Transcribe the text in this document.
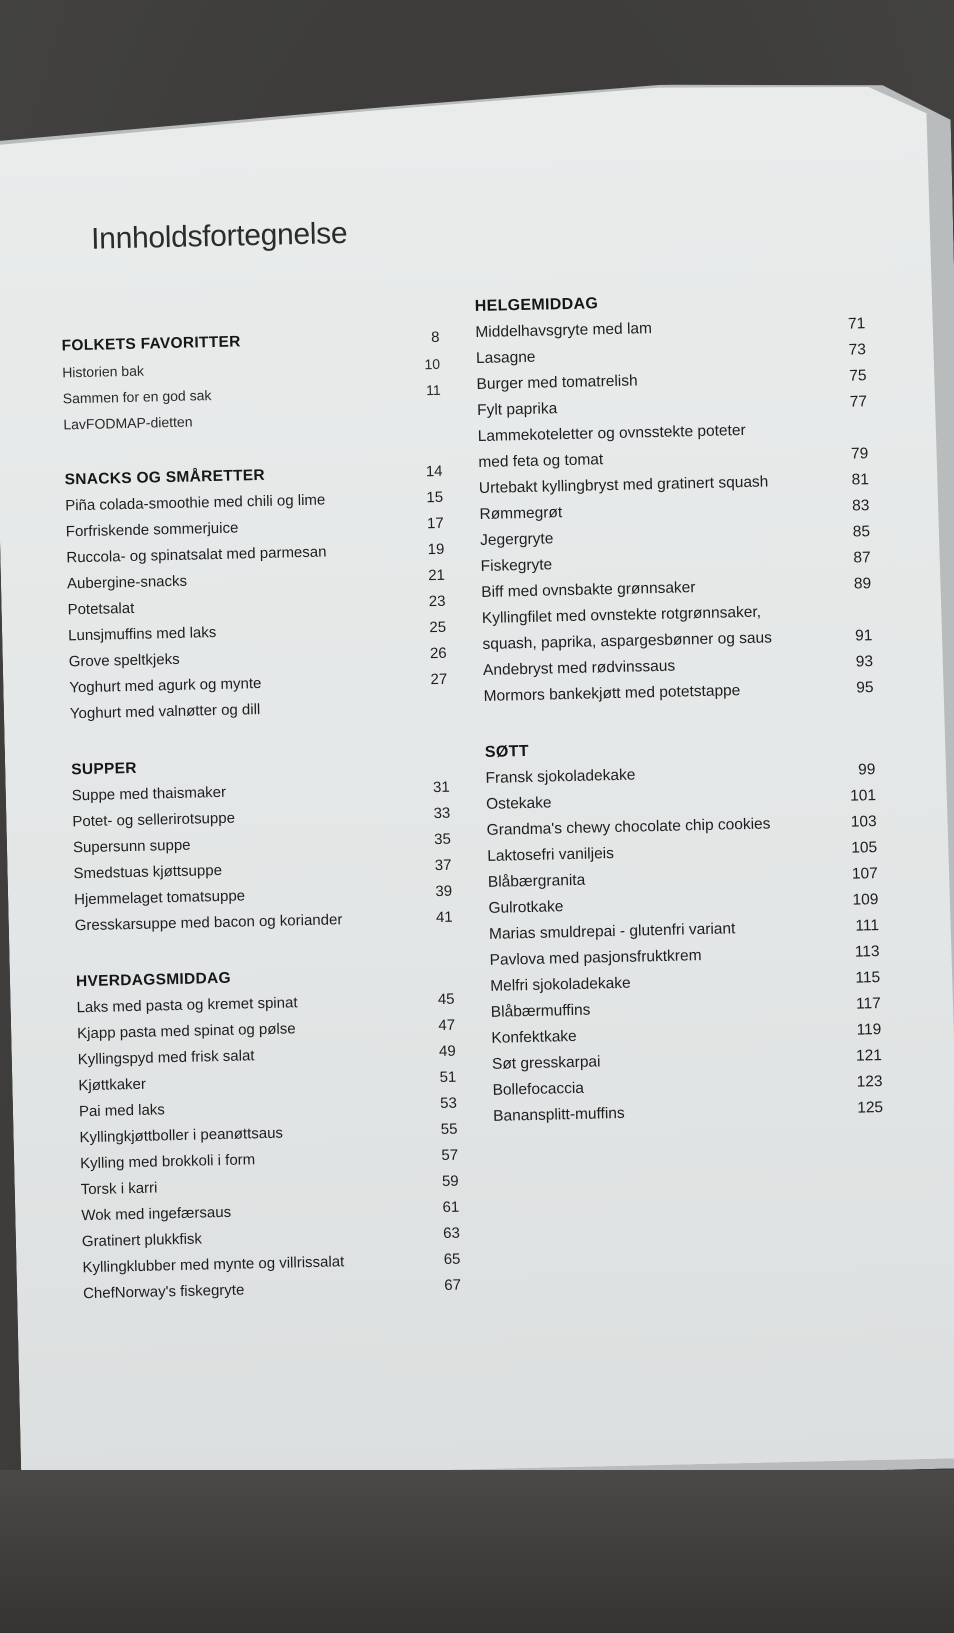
Innholdsfortegnelse
FOLKETS FAVORITTER	8
Historien bak	10
Sammen for en god sak	11
LavFODMAP-dietten
SNACKS OG SMÅRETTER	14
Piña colada-smoothie med chili og lime	15
Forfriskende sommerjuice	17
Ruccola- og spinatsalat med parmesan	19
Aubergine-snacks	21
Potetsalat	23
Lunsjmuffins med laks	25
Grove speltkjeks	26
Yoghurt med agurk og mynte	27
Yoghurt med valnøtter og dill
SUPPER
Suppe med thaismaker	31
Potet- og sellerirotsuppe	33
Supersunn suppe	35
Smedstuas kjøttsuppe	37
Hjemmelaget tomatsuppe	39
Gresskarsuppe med bacon og koriander	41
HVERDAGSMIDDAG
Laks med pasta og kremet spinat	45
Kjapp pasta med spinat og pølse	47
Kyllingspyd med frisk salat	49
Kjøttkaker	51
Pai med laks	53
Kyllingkjøttboller i peanøttsaus	55
Kylling med brokkoli i form	57
Torsk i karri	59
Wok med ingefærsaus	61
Gratinert plukkfisk	63
Kyllingklubber med mynte og villrissalat	65
ChefNorway's fiskegryte	67
HELGEMIDDAG
Middelhavsgryte med lam	71
Lasagne	73
Burger med tomatrelish	75
Fylt paprika	77
Lammekoteletter og ovnsstekte poteter
med feta og tomat	79
Urtebakt kyllingbryst med gratinert squash	81
Rømmegrøt	83
Jegergryte	85
Fiskegryte	87
Biff med ovnsbakte grønnsaker	89
Kyllingfilet med ovnstekte rotgrønnsaker,
squash, paprika, aspargesbønner og saus	91
Andebryst med rødvinssaus	93
Mormors bankekjøtt med potetstappe	95
SØTT
Fransk sjokoladekake	99
Ostekake	101
Grandma's chewy chocolate chip cookies	103
Laktosefri vaniljeis	105
Blåbærgranita	107
Gulrotkake	109
Marias smuldrepai - glutenfri variant	111
Pavlova med pasjonsfruktkrem	113
Melfri sjokoladekake	115
Blåbærmuffins	117
Konfektkake	119
Søt gresskarpai	121
Bollefocaccia	123
Banansplitt-muffins	125
